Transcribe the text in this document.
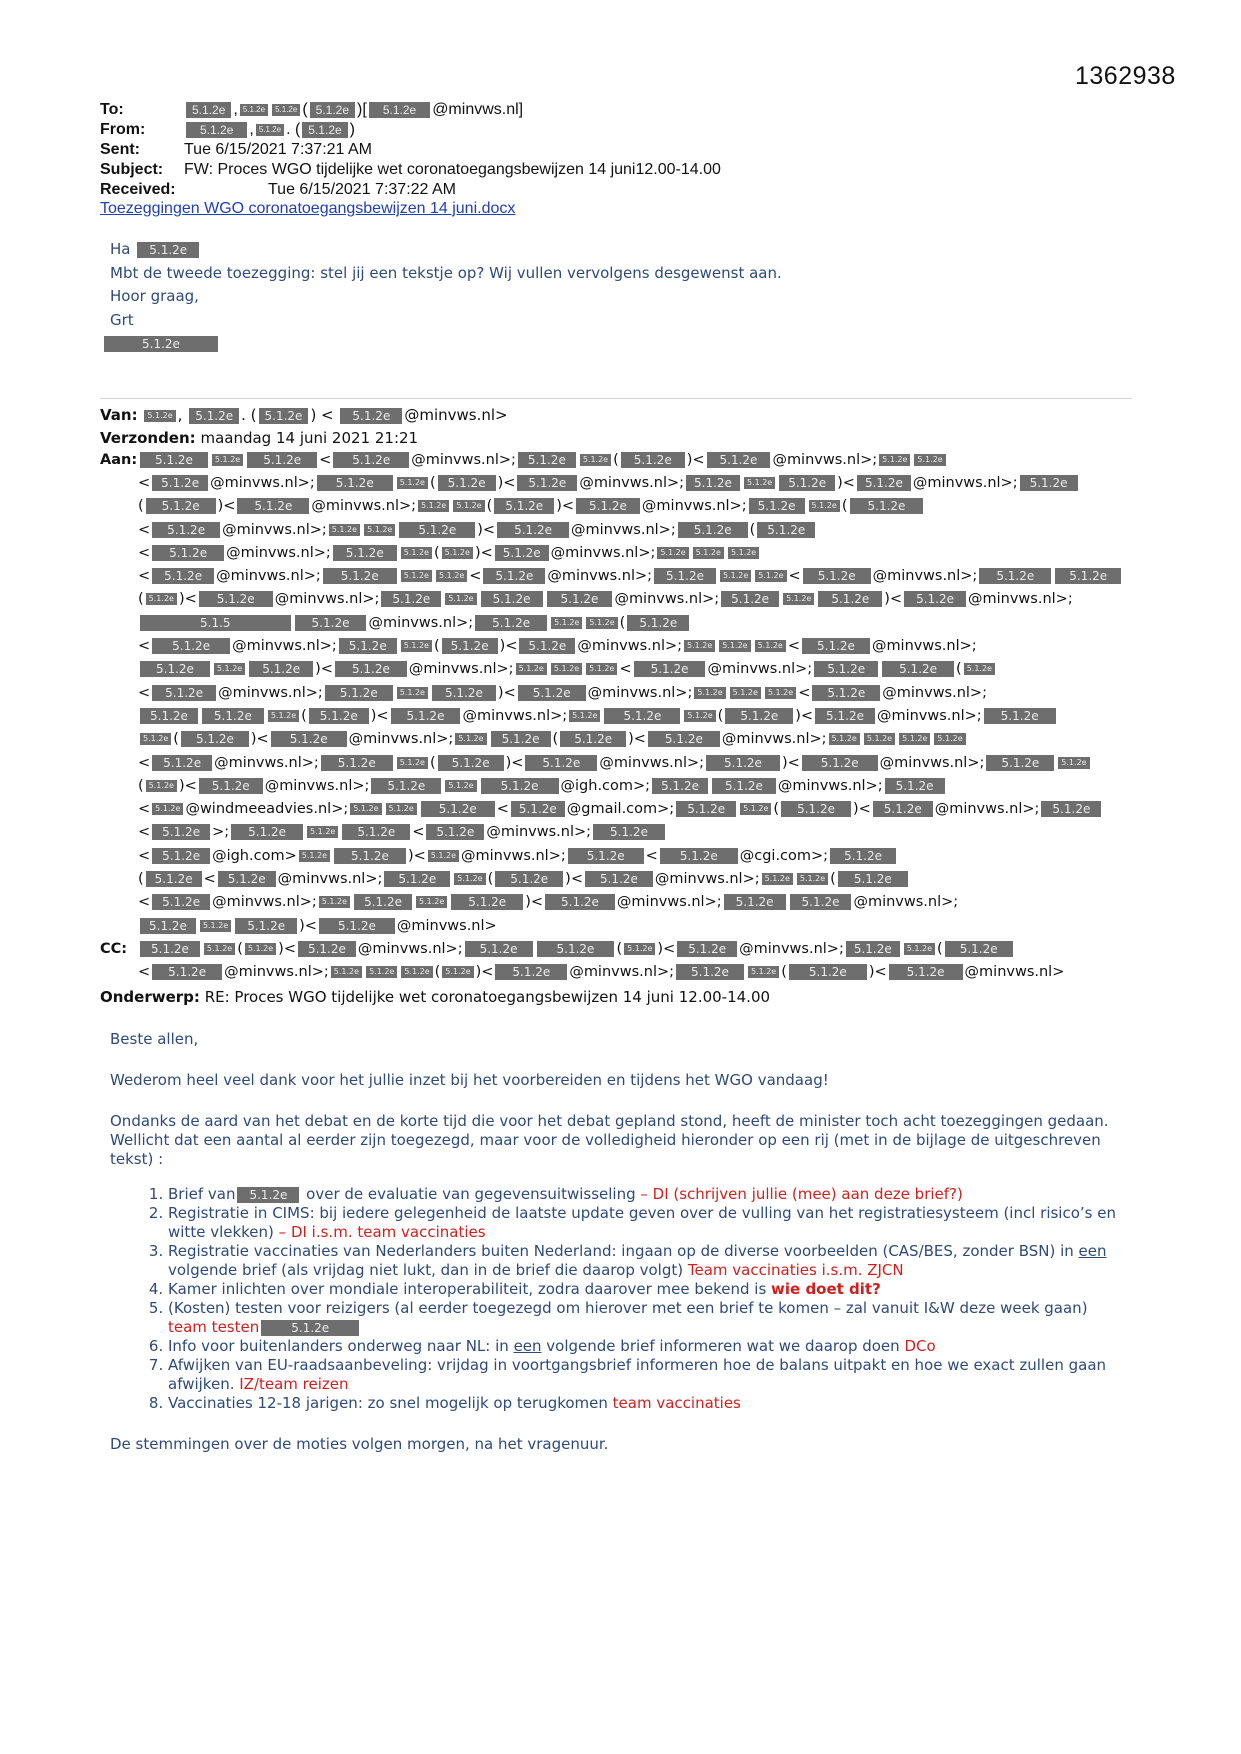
1362938
To:	5.1.2e , 5.1.2e	5.1.2e ( 5.1.2e )[	5.1.2e	@minvws.nl]
From:	5.1.2e	, 5.1.2e . ( 5.1.2e )
Sent:	Tue 6/15/2021 7:37:21 AM
Subject:	FW: Proces WGO tijdelijke wet coronatoegangsbewijzen 14 juni12.00-14.00
Received:	Tue 6/15/2021 7:37:22 AM
Toezeggingen WGO coronatoegangsbewijzen 14 juni.docx
Ha 5.1.2e
Mbt de tweede toezegging: stel jij een tekstje op? Wij vullen vervolgens desgewenst aan.
Hoor graag,
Grt
5.1.2e
Van: 5.1.2e , 5.1.2e . ( 5.1.2e ) < 5.1.2e @minvws.nl>
Verzonden: maandag 14 juni 2021 21:21
Aan:	5.1.2e	5.1.2e	5.1.2e	<	5.1.2e	@minvws.nl>;	5.1.2e	5.1.2e (	5.1.2e	)<	5.1.2e	@minvws.nl>; 5.1.2e	5.1.2e
< 5.1.2e @minvws.nl>;	5.1.2e	5.1.2e (	5.1.2e )<	5.1.2e @minvws.nl>; 5.1.2e	5.1.2e	5.1.2e )< 5.1.2e @minvws.nl>;	5.1.2e
(	5.1.2e	)<	5.1.2e	@minvws.nl>; 5.1.2e	5.1.2e (	5.1.2e )<	5.1.2e	@minvws.nl>; 5.1.2e	5.1.2e (	5.1.2e
<	5.1.2e	@minvws.nl>; 5.1.2e	5.1.2e	5.1.2e	)<	5.1.2e	@minvws.nl>;	5.1.2e	(	5.1.2e
<	5.1.2e	@minvws.nl>;	5.1.2e	5.1.2e ( 5.1.2e )< 5.1.2e @minvws.nl>; 5.1.2e	5.1.2e	5.1.2e
<	5.1.2e @minvws.nl>;	5.1.2e	5.1.2e	5.1.2e <	5.1.2e @minvws.nl>;	5.1.2e	5.1.2e	5.1.2e <	5.1.2e	@minvws.nl>;	5.1.2e	5.1.2e
( 5.1.2e )<	5.1.2e	@minvws.nl>;	5.1.2e	5.1.2e	5.1.2e	5.1.2e	@minvws.nl>;	5.1.2e	5.1.2e	5.1.2e	)<	5.1.2e @minvws.nl>;
5.1.5	5.1.2e	@minvws.nl>;	5.1.2e	5.1.2e	5.1.2e (	5.1.2e
<	5.1.2e	@minvws.nl>;	5.1.2e	5.1.2e ( 5.1.2e )< 5.1.2e @minvws.nl>; 5.1.2e	5.1.2e	5.1.2e <	5.1.2e	@minvws.nl>;
5.1.2e	5.1.2e	5.1.2e	)<	5.1.2e	@minvws.nl>; 5.1.2e	5.1.2e	5.1.2e <	5.1.2e	@minvws.nl>;	5.1.2e	5.1.2e	( 5.1.2e
<	5.1.2e	@minvws.nl>;	5.1.2e	5.1.2e	5.1.2e	)<	5.1.2e	@minvws.nl>; 5.1.2e	5.1.2e	5.1.2e <	5.1.2e	@minvws.nl>;
5.1.2e	5.1.2e	5.1.2e (	5.1.2e )<	5.1.2e	@minvws.nl>; 5.1.2e	5.1.2e	5.1.2e (	5.1.2e	)<	5.1.2e @minvws.nl>;	5.1.2e
5.1.2e (	5.1.2e	)<	5.1.2e	@minvws.nl>; 5.1.2e	5.1.2e (	5.1.2e	)<	5.1.2e	@minvws.nl>; 5.1.2e	5.1.2e	5.1.2e	5.1.2e
<	5.1.2e @minvws.nl>;	5.1.2e	5.1.2e (	5.1.2e	)<	5.1.2e	@minvws.nl>;	5.1.2e	)<	5.1.2e	@minvws.nl>;	5.1.2e	5.1.2e
( 5.1.2e )<	5.1.2e	@minvws.nl>;	5.1.2e	5.1.2e	5.1.2e	@igh.com>; 5.1.2e	5.1.2e	@minvws.nl>;	5.1.2e
< 5.1.2e @windmeeadvies.nl>; 5.1.2e	5.1.2e	5.1.2e	< 5.1.2e @gmail.com>;	5.1.2e	5.1.2e (	5.1.2e	)<	5.1.2e @minvws.nl>;	5.1.2e
<	5.1.2e >;	5.1.2e	5.1.2e	5.1.2e	<	5.1.2e @minvws.nl>;	5.1.2e
<	5.1.2e @igh.com> 5.1.2e	5.1.2e	)< 5.1.2e @minvws.nl>;	5.1.2e	<	5.1.2e	@cgi.com>;	5.1.2e
( 5.1.2e <	5.1.2e @minvws.nl>;	5.1.2e	5.1.2e (	5.1.2e	)<	5.1.2e	@minvws.nl>; 5.1.2e	5.1.2e (	5.1.2e
<	5.1.2e @minvws.nl>; 5.1.2e	5.1.2e	5.1.2e	5.1.2e	)<	5.1.2e	@minvws.nl>;	5.1.2e	5.1.2e @minvws.nl>;
5.1.2e	5.1.2e	5.1.2e )<	5.1.2e	@minvws.nl>
CC:	5.1.2e	5.1.2e ( 5.1.2e )<	5.1.2e @minvws.nl>;	5.1.2e	5.1.2e	( 5.1.2e )<	5.1.2e @minvws.nl>; 5.1.2e	5.1.2e (	5.1.2e
<	5.1.2e	@minvws.nl>; 5.1.2e	5.1.2e	5.1.2e ( 5.1.2e )<	5.1.2e	@minvws.nl>;	5.1.2e	5.1.2e (	5.1.2e	)<	5.1.2e	@minvws.nl>
Onderwerp: RE: Proces WGO tijdelijke wet coronatoegangsbewijzen 14 juni 12.00-14.00

Beste allen,

Wederom heel veel dank voor het jullie inzet bij het voorbereiden en tijdens het WGO vandaag!

Ondanks de aard van het debat en de korte tijd die voor het debat gepland stond, heeft de minister toch acht toezeggingen gedaan. Wellicht dat een aantal al eerder zijn toegezegd, maar voor de volledigheid hieronder op een rij (met in de bijlage de uitgeschreven tekst) :

1. Brief van 5.1.2e over de evaluatie van gegevensuitwisseling – DI (schrijven jullie (mee) aan deze brief?)
2. Registratie in CIMS: bij iedere gelegenheid de laatste update geven over de vulling van het registratiesysteem (incl risico’s en witte vlekken) – DI i.s.m. team vaccinaties
3. Registratie vaccinaties van Nederlanders buiten Nederland: ingaan op de diverse voorbeelden (CAS/BES, zonder BSN) in een volgende brief (als vrijdag niet lukt, dan in de brief die daarop volgt) Team vaccinaties i.s.m. ZJCN
4. Kamer inlichten over mondiale interoperabiliteit, zodra daarover mee bekend is wie doet dit?
5. (Kosten) testen voor reizigers (al eerder toegezegd om hierover met een brief te komen – zal vanuit I&W deze week gaan) team testen	5.1.2e
6. Info voor buitenlanders onderweg naar NL: in een volgende brief informeren wat we daarop doen DCo
7. Afwijken van EU-raadsaanbeveling: vrijdag in voortgangsbrief informeren hoe de balans uitpakt en hoe we exact zullen gaan afwijken. IZ/team reizen
8. Vaccinaties 12-18 jarigen: zo snel mogelijk op terugkomen team vaccinaties

De stemmingen over de moties volgen morgen, na het vragenuur.
